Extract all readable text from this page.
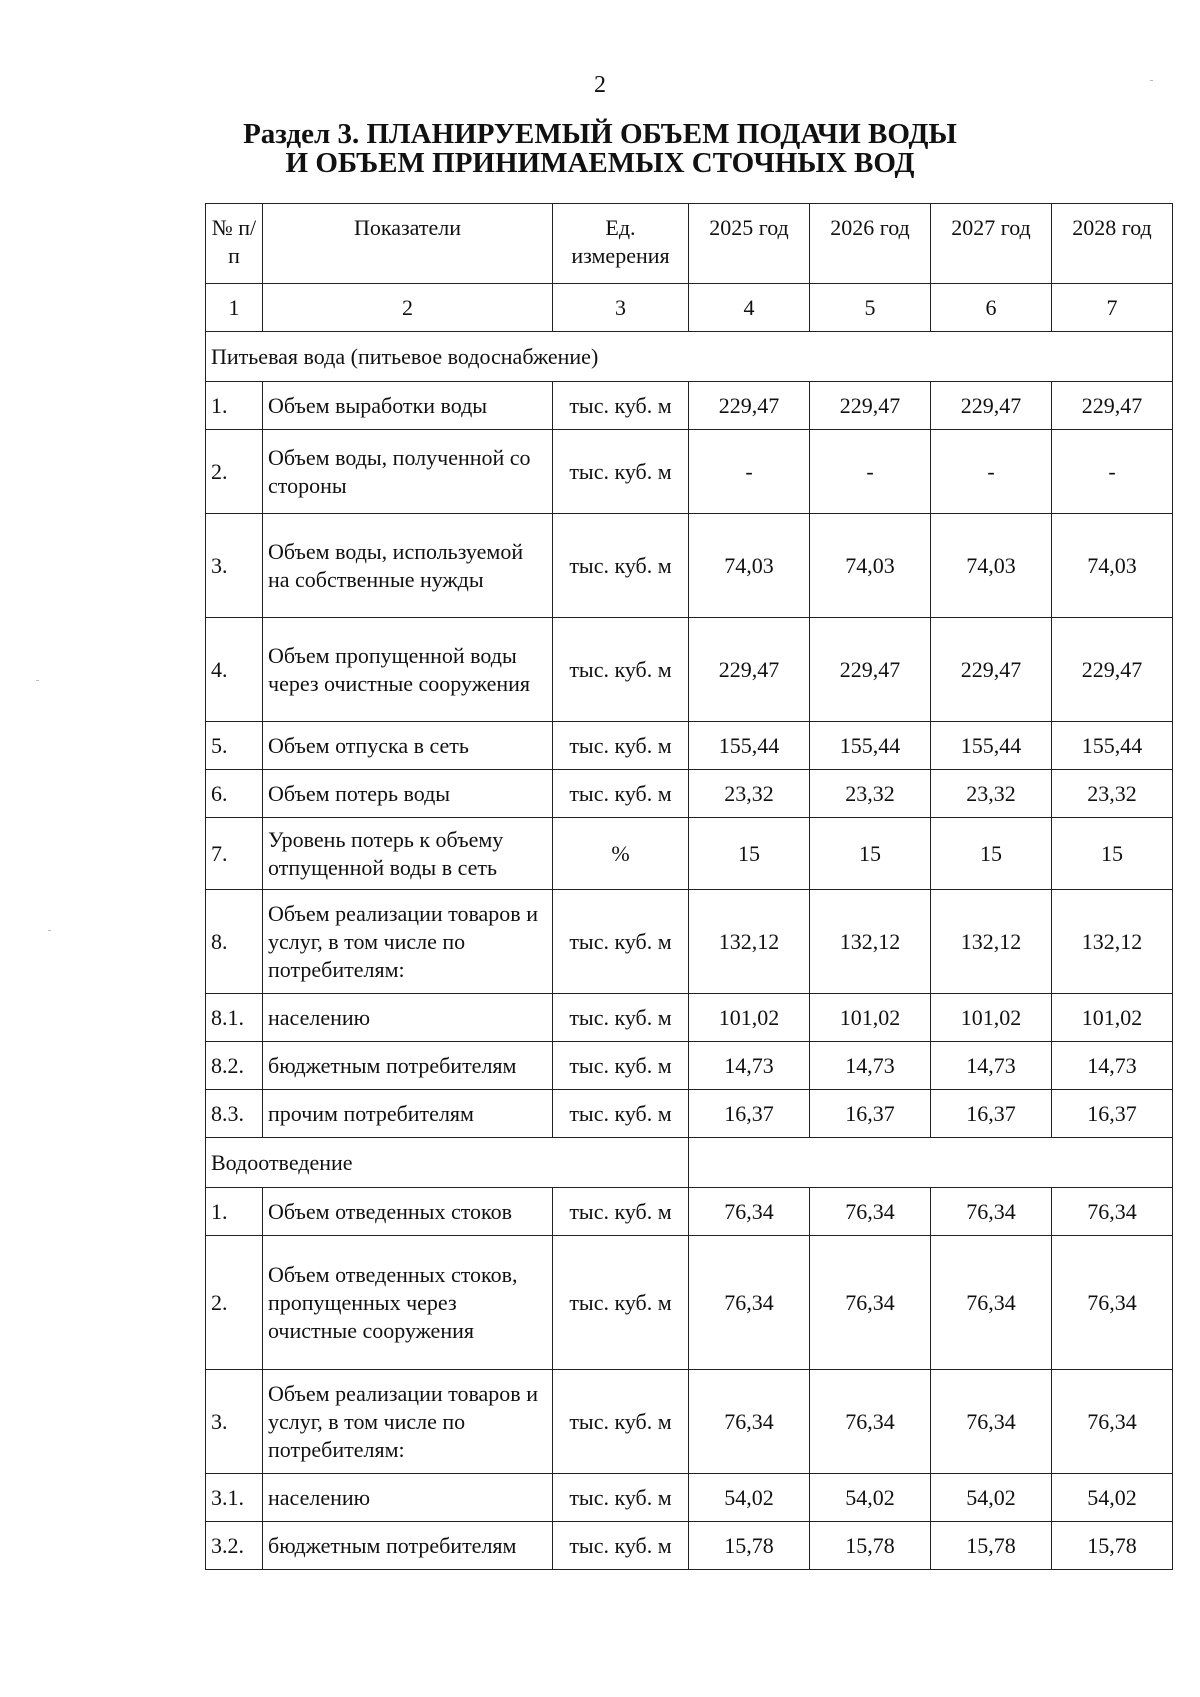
2
Раздел 3. ПЛАНИРУЕМЫЙ ОБЪЕМ ПОДАЧИ ВОДЫ
И ОБЪЕМ ПРИНИМАЕМЫХ СТОЧНЫХ ВОД
№ п/п	Показатели	Ед. измерения	2025 год	2026 год	2027 год	2028 год
1	2	3	4	5	6	7
Питьевая вода (питьевое водоснабжение)						
1.	Объем выработки воды	тыс. куб. м	229,47	229,47	229,47	229,47
2.	Объем воды, полученной со стороны	тыс. куб. м	-	-	-	-
3.	Объем воды, используемой на собственные нужды	тыс. куб. м	74,03	74,03	74,03	74,03
4.	Объем пропущенной воды через очистные сооружения	тыс. куб. м	229,47	229,47	229,47	229,47
5.	Объем отпуска в сеть	тыс. куб. м	155,44	155,44	155,44	155,44
6.	Объем потерь воды	тыс. куб. м	23,32	23,32	23,32	23,32
7.	Уровень потерь к объему отпущенной воды в сеть	%	15	15	15	15
8.	Объем реализации товаров и услуг, в том числе по потребителям:	тыс. куб. м	132,12	132,12	132,12	132,12
8.1.	населению	тыс. куб. м	101,02	101,02	101,02	101,02
8.2.	бюджетным потребителям	тыс. куб. м	14,73	14,73	14,73	14,73
8.3.	прочим потребителям	тыс. куб. м	16,37	16,37	16,37	16,37
Водоотведение						
1.	Объем отведенных стоков	тыс. куб. м	76,34	76,34	76,34	76,34
2.	Объем отведенных стоков, пропущенных через очистные сооружения	тыс. куб. м	76,34	76,34	76,34	76,34
3.	Объем реализации товаров и услуг, в том числе по потребителям:	тыс. куб. м	76,34	76,34	76,34	76,34
3.1.	населению	тыс. куб. м	54,02	54,02	54,02	54,02
3.2.	бюджетным потребителям	тыс. куб. м	15,78	15,78	15,78	15,78
